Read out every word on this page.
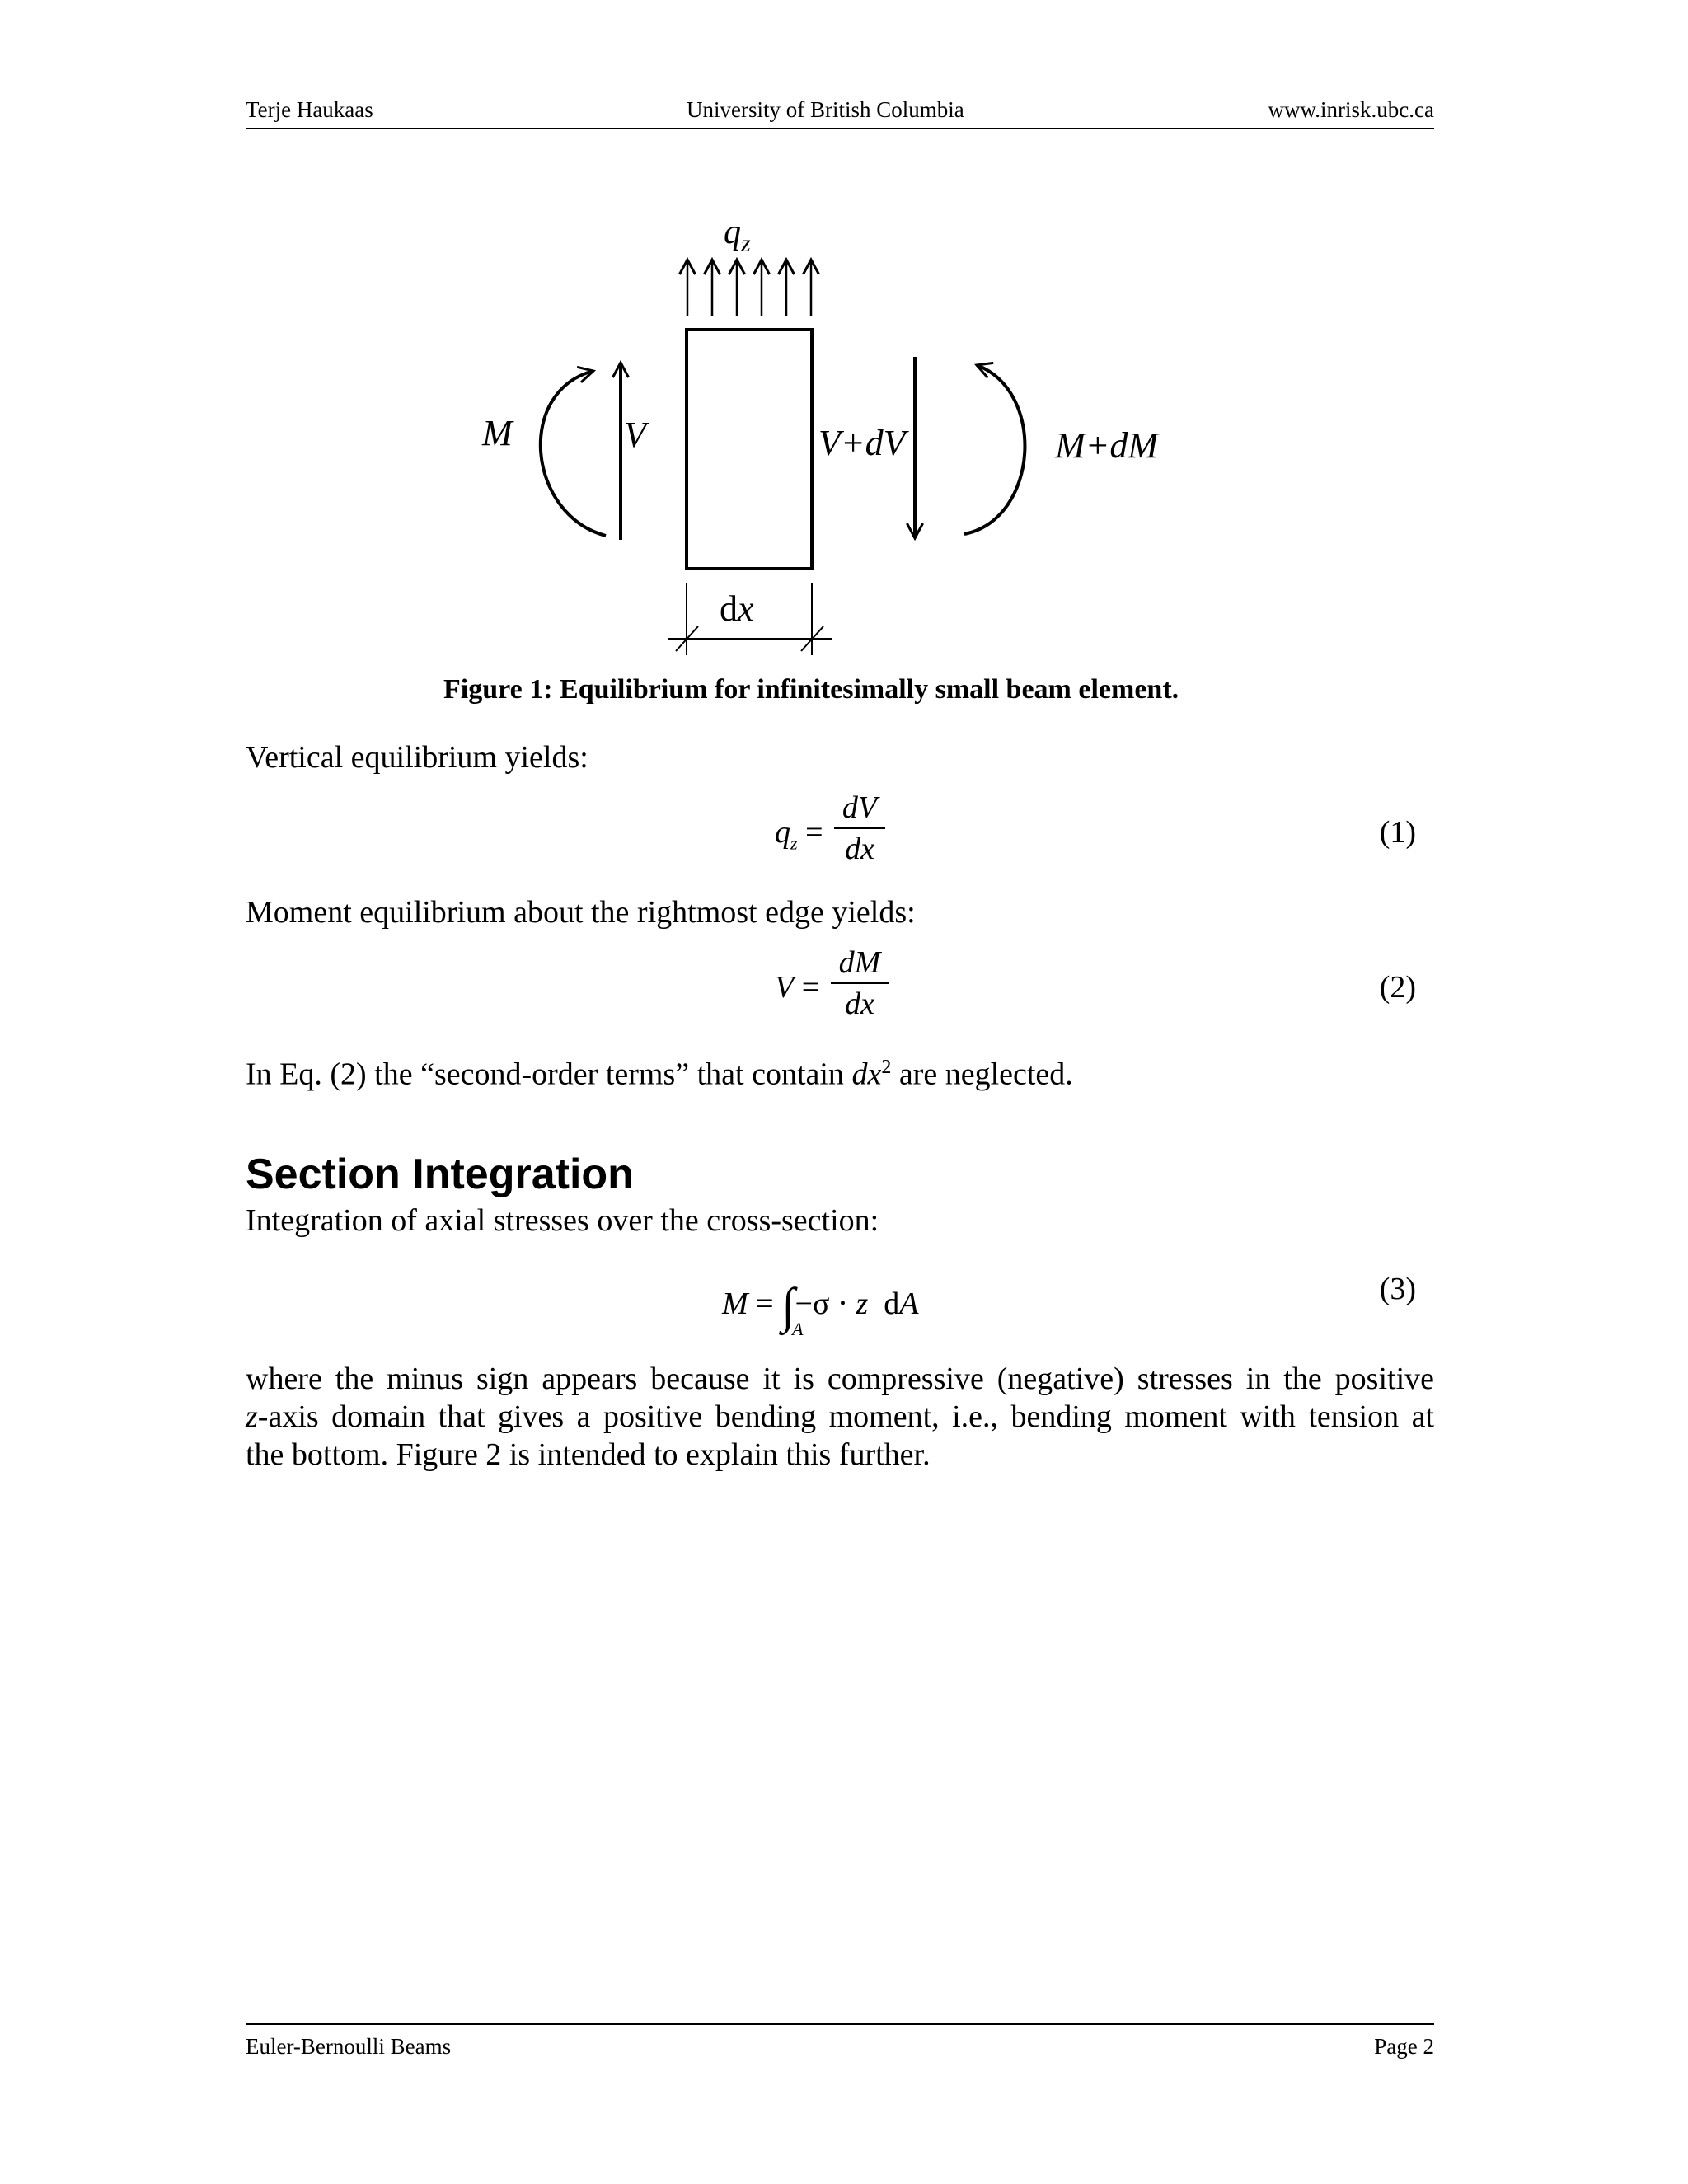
Terje Haukaas	University of British Columbia	www.inrisk.ubc.ca
$q_z$
M	V	V+dV	M+dM
dx
Figure 1: Equilibrium for infinitesimally small beam element.
Vertical equilibrium yields:
$q_z$ =
dV
dx	(1)
Moment equilibrium about the rightmost edge yields:
V =
dM
dx	(2)
In Eq. (2) the “second-order terms” that contain $dx^2$ are neglected.
Section Integration
Integration of axial stresses over the cross-section:
M = ∫−σ ⋅ z  dA
A
(3)
where the minus sign appears because it is compressive (negative) stresses in the positive
z-axis domain that gives a positive bending moment, i.e., bending moment with tension at
the bottom. Figure 2 is intended to explain this further.
Euler-Bernoulli Beams	Page 2
